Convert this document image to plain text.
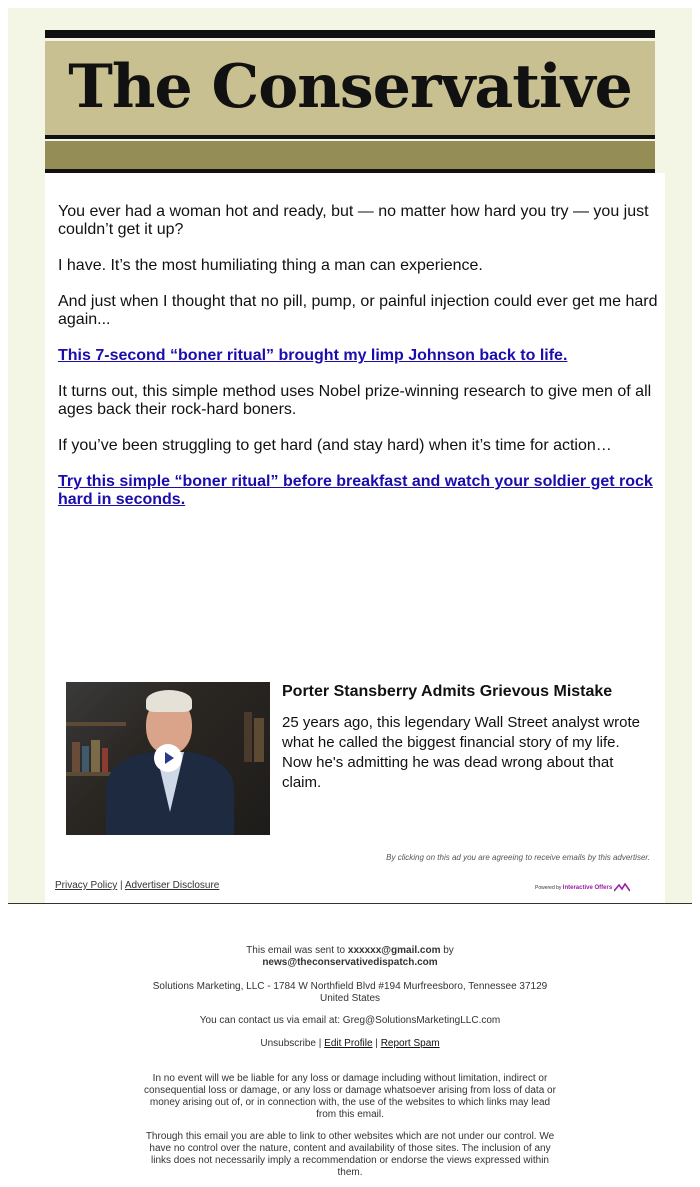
The Conservative

You ever had a woman hot and ready, but — no matter how hard you try — you just couldn’t get it up?

I have. It’s the most humiliating thing a man can experience.

And just when I thought that no pill, pump, or painful injection could ever get me hard again...

This 7-second “boner ritual” brought my limp Johnson back to life.

It turns out, this simple method uses Nobel prize-winning research to give men of all ages back their rock-hard boners.

If you’ve been struggling to get hard (and stay hard) when it’s time for action…

Try this simple “boner ritual” before breakfast and watch your soldier get rock hard in seconds.
Porter Stansberry Admits Grievous Mistake
25 years ago, this legendary Wall Street analyst wrote what he called the biggest financial story of my life. Now he's admitting he was dead wrong about that claim.
By clicking on this ad you are agreeing to receive emails by this advertiser.
Privacy Policy | Advertiser Disclosure	Powered by Interactive Offers
This email was sent to xxxxxx@gmail.com by
news@theconservativedispatch.com
Solutions Marketing, LLC - 1784 W Northfield Blvd #194 Murfreesboro, Tennessee 37129 United States
You can contact us via email at: Greg@SolutionsMarketingLLC.com
Unsubscribe | Edit Profile | Report Spam
In no event will we be liable for any loss or damage including without limitation, indirect or consequential loss or damage, or any loss or damage whatsoever arising from loss of data or money arising out of, or in connection with, the use of the websites to which links may lead from this email.
Through this email you are able to link to other websites which are not under our control. We have no control over the nature, content and availability of those sites. The inclusion of any links does not necessarily imply a recommendation or endorse the views expressed within them.
